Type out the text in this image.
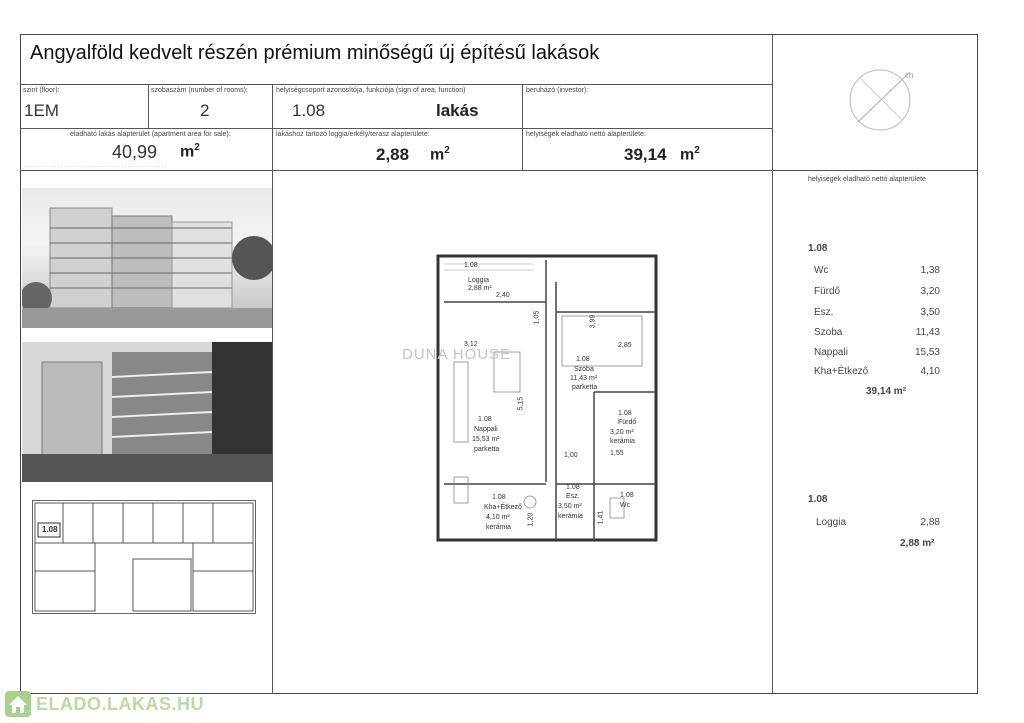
Angyalföld kedvelt részén prémium minőségű új építésű lakások
szint (floor):
1EM
szobaszám (number of rooms):
2
helyiségcsoport azonosítója, funkciója (sign of area, function)
1.08	lakás
beruházó (investor):
eladható lakás alapterület (apartment area for sale):
40,99 $m^2$
· · · · · · · · · · · · · · · · · · · · · · · · · · · · · · · · · · · · · · · · · · · · · · ·
lakáshoz tartozó loggia/erkély/terasz alapterülete:
2,88 $m^2$
helyiségek eladható nettó alapterülete:
39,14 $m^2$
m
1.08
1.08
Loggia
2,88 m²
2,40
1,05
3,12
3,99
2,85
5,15
1.08
Szoba
11,43 m²
parketta
1.08
Nappali
15,53 m²
parketta
1.08
Fürdő
3,20 m²
kerámia
1,55
1,00
1.08
Kha+Étkező
4,10 m²
kerámia
1,20
1.08
Esz.
3,50 m²
kerámia 1,41
1.08
Wc
DUNA HOUSE
helyiségek eladható nettó alapterülete
1.08
Wc	1,38
Fürdő	3,20
Esz.	3,50
Szoba	11,43
Nappali	15,53
Kha+Étkező	4,10
39,14 m²
1.08
Loggia	2,88
2,88 m²
ELADO.LAKAS.HU
